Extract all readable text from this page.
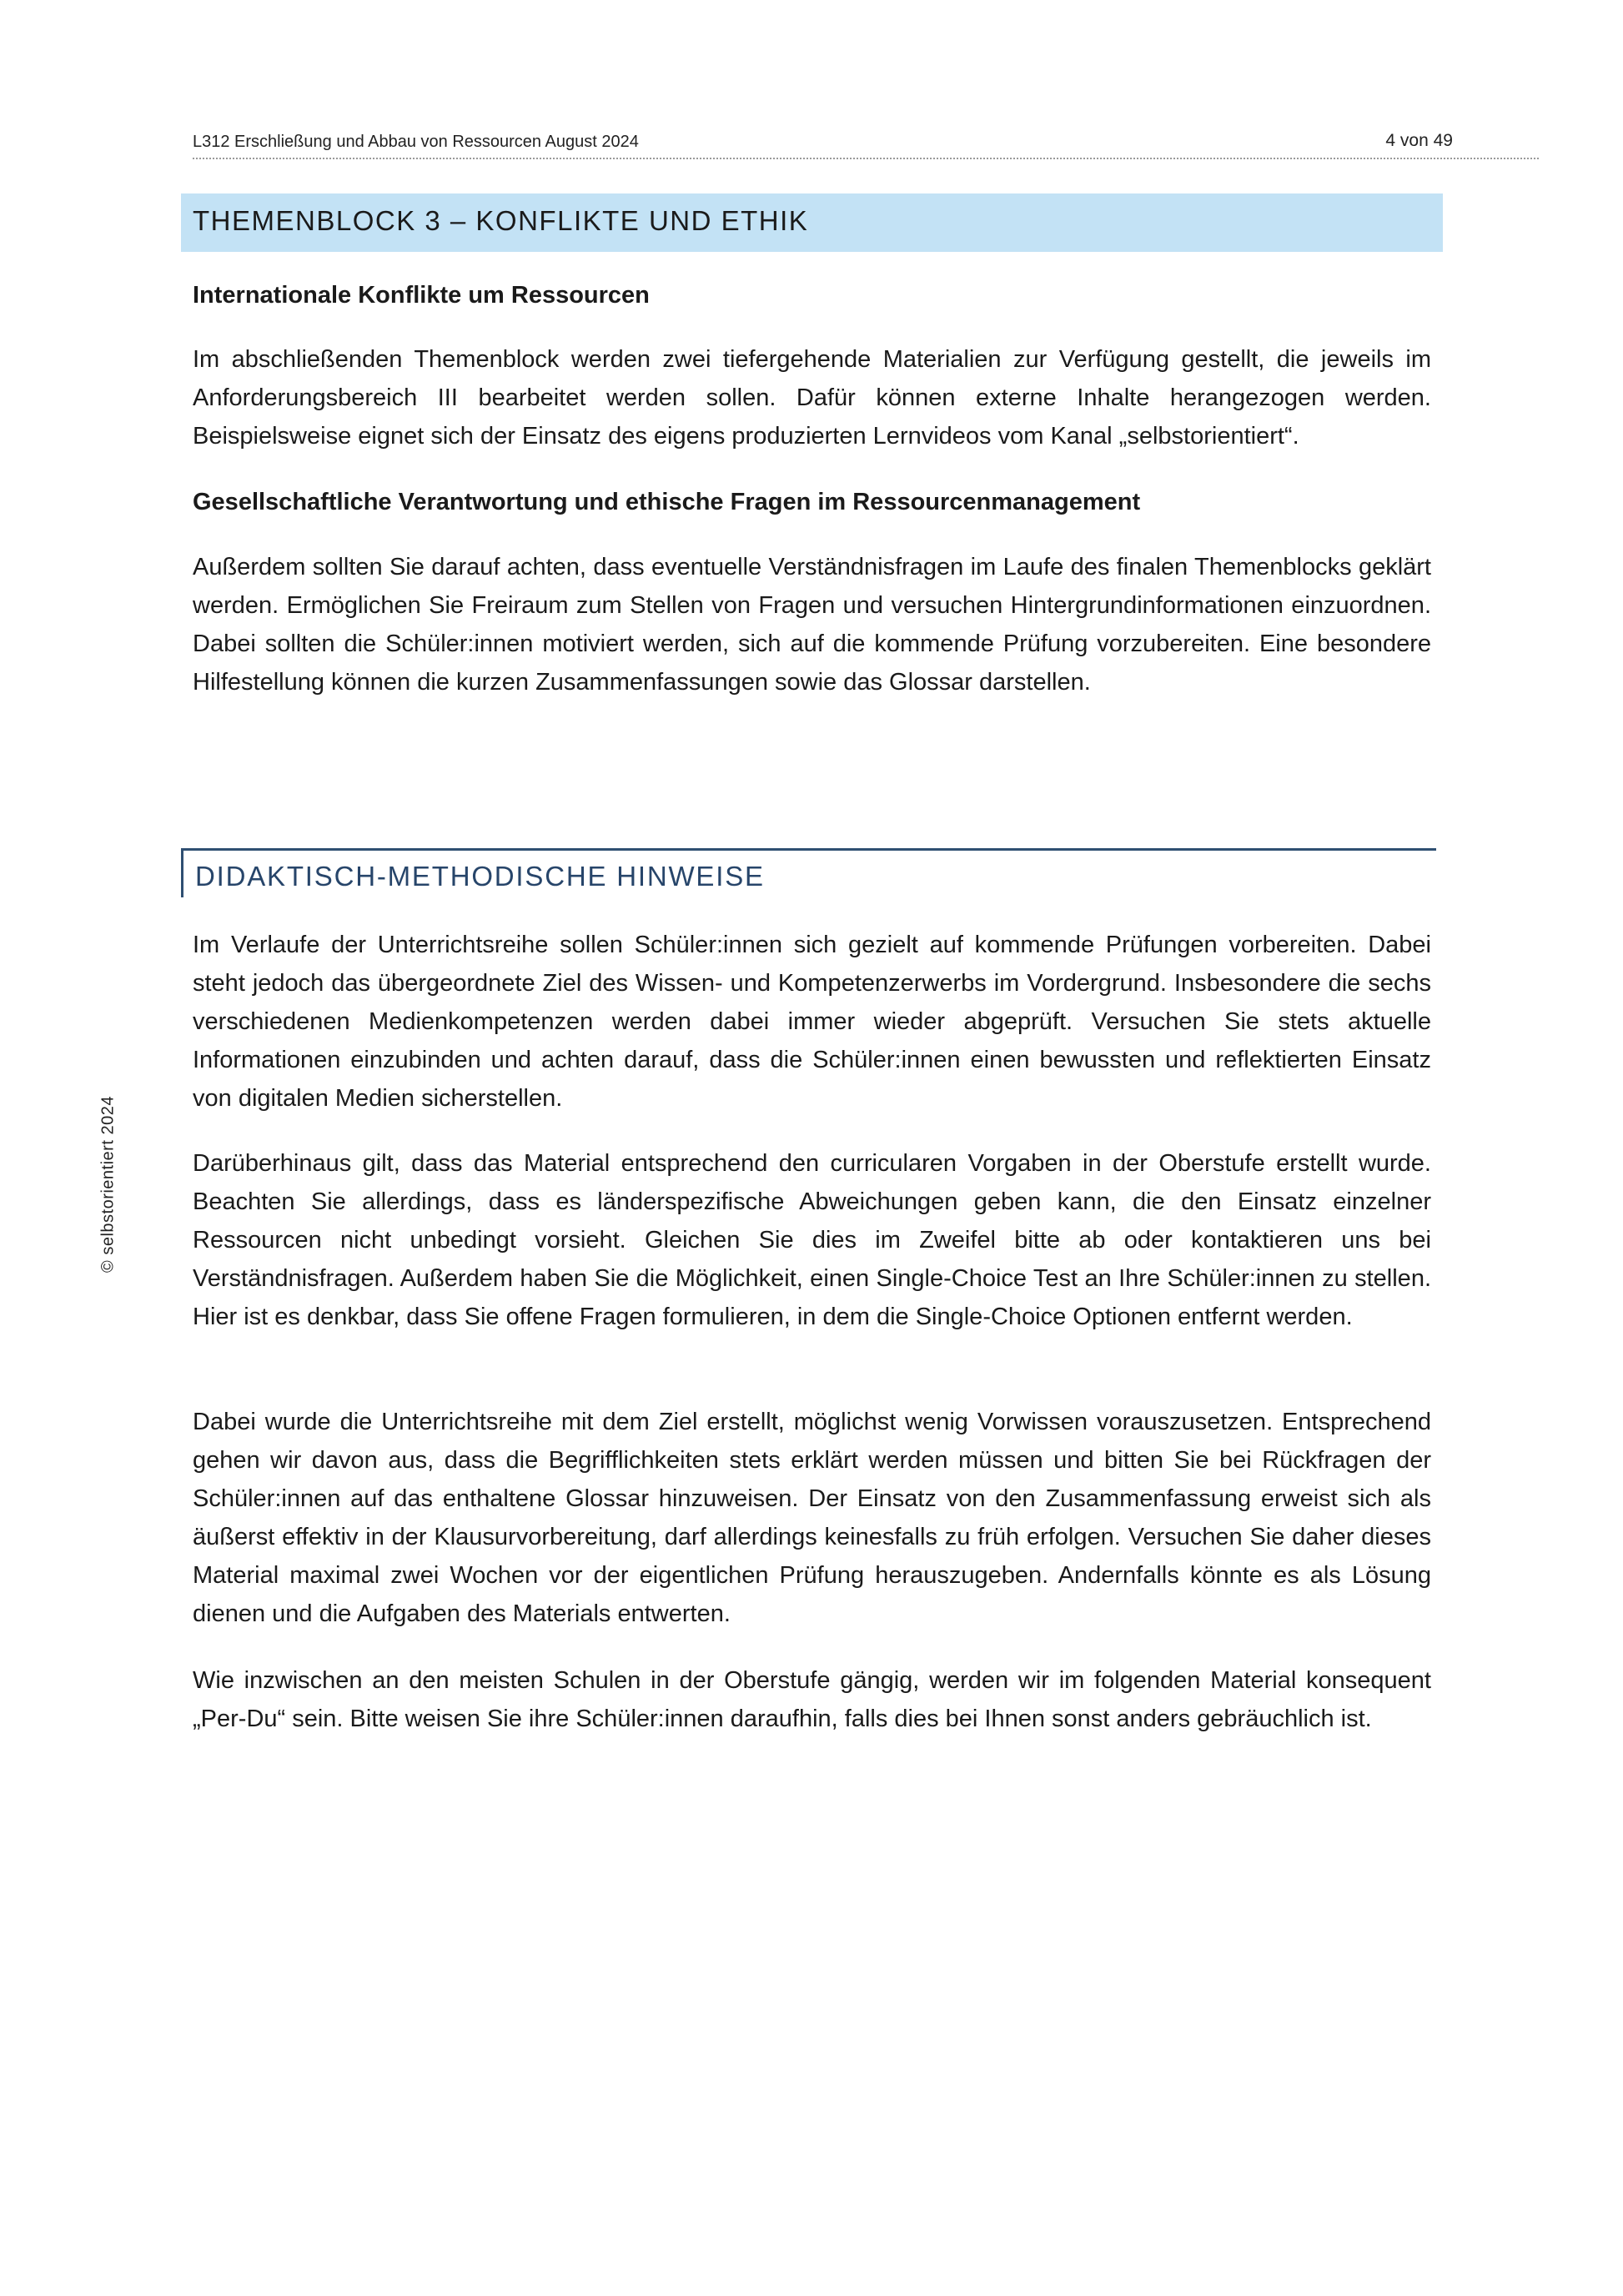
L312 Erschließung und Abbau von Ressourcen August 2024	4 von 49
THEMENBLOCK 3 – KONFLIKTE UND ETHIK

Internationale Konflikte um Ressourcen

Im abschließenden Themenblock werden zwei tiefergehende Materialien zur Verfügung gestellt, die jeweils im Anforderungsbereich III bearbeitet werden sollen. Dafür können externe Inhalte herangezogen werden. Beispielsweise eignet sich der Einsatz des eigens produzierten Lernvideos vom Kanal „selbstorientiert“.

Gesellschaftliche Verantwortung und ethische Fragen im Ressourcenmanagement

Außerdem sollten Sie darauf achten, dass eventuelle Verständnisfragen im Laufe des finalen Themenblocks geklärt werden. Ermöglichen Sie Freiraum zum Stellen von Fragen und versuchen Hintergrundinformationen einzuordnen. Dabei sollten die Schüler:innen motiviert werden, sich auf die kommende Prüfung vorzubereiten. Eine besondere Hilfestellung können die kurzen Zusammenfassungen sowie das Glossar darstellen.

DIDAKTISCH-METHODISCHE HINWEISE

Im Verlaufe der Unterrichtsreihe sollen Schüler:innen sich gezielt auf kommende Prüfungen vorbereiten. Dabei steht jedoch das übergeordnete Ziel des Wissen- und Kompetenzerwerbs im Vordergrund. Insbesondere die sechs verschiedenen Medienkompetenzen werden dabei immer wieder abgeprüft. Versuchen Sie stets aktuelle Informationen einzubinden und achten darauf, dass die Schüler:innen einen bewussten und reflektierten Einsatz von digitalen Medien sicherstellen.

Darüberhinaus gilt, dass das Material entsprechend den curricularen Vorgaben in der Oberstufe erstellt wurde. Beachten Sie allerdings, dass es länderspezifische Abweichungen geben kann, die den Einsatz einzelner Ressourcen nicht unbedingt vorsieht. Gleichen Sie dies im Zweifel bitte ab oder kontaktieren uns bei Verständnisfragen. Außerdem haben Sie die Möglichkeit, einen Single-Choice Test an Ihre Schüler:innen zu stellen. Hier ist es denkbar, dass Sie offene Fragen formulieren, in dem die Single-Choice Optionen entfernt werden.

Dabei wurde die Unterrichtsreihe mit dem Ziel erstellt, möglichst wenig Vorwissen vorauszusetzen. Entsprechend gehen wir davon aus, dass die Begrifflichkeiten stets erklärt werden müssen und bitten Sie bei Rückfragen der Schüler:innen auf das enthaltene Glossar hinzuweisen. Der Einsatz von den Zusammenfassung erweist sich als äußerst effektiv in der Klausurvorbereitung, darf allerdings keinesfalls zu früh erfolgen. Versuchen Sie daher dieses Material maximal zwei Wochen vor der eigentlichen Prüfung herauszugeben. Andernfalls könnte es als Lösung dienen und die Aufgaben des Materials entwerten.

Wie inzwischen an den meisten Schulen in der Oberstufe gängig, werden wir im folgenden Material konsequent „Per-Du“ sein. Bitte weisen Sie ihre Schüler:innen daraufhin, falls dies bei Ihnen sonst anders gebräuchlich ist.

© selbstorientiert 2024
